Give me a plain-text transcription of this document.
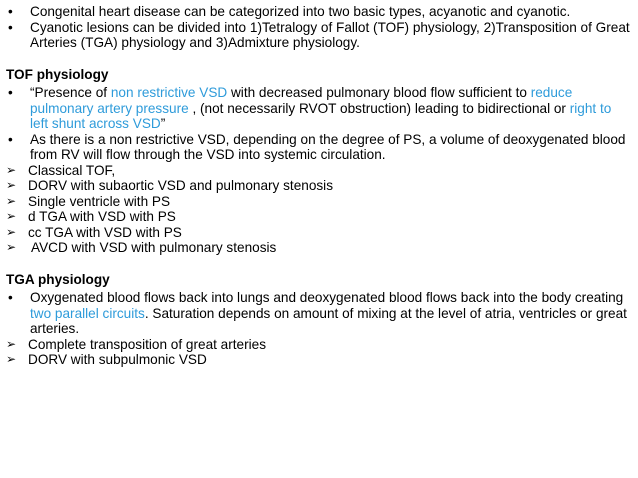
•	Congenital heart disease can be categorized into two basic types, acyanotic and cyanotic.
•	Cyanotic lesions can be divided into 1)Tetralogy of Fallot (TOF) physiology, 2)Transposition of Great Arteries (TGA) physiology and 3)Admixture physiology.
TOF physiology
•	“Presence of non restrictive VSD with decreased pulmonary blood flow sufficient to reduce pulmonary artery pressure , (not necessarily RVOT obstruction) leading to bidirectional or right to left shunt across VSD”
•	As there is a non restrictive VSD, depending on the degree of PS, a volume of deoxygenated blood from RV will flow through the VSD into systemic circulation.
➢ Classical TOF,
➢ DORV with subaortic VSD and pulmonary stenosis
➢ Single ventricle with PS
➢ d TGA with VSD with PS
➢ cc TGA with VSD with PS
➢ AVCD with VSD with pulmonary stenosis
TGA physiology
•	Oxygenated blood flows back into lungs and deoxygenated blood flows back into the body creating two parallel circuits. Saturation depends on amount of mixing at the level of atria, ventricles or great arteries.
➢ Complete transposition of great arteries
➢ DORV with subpulmonic VSD
